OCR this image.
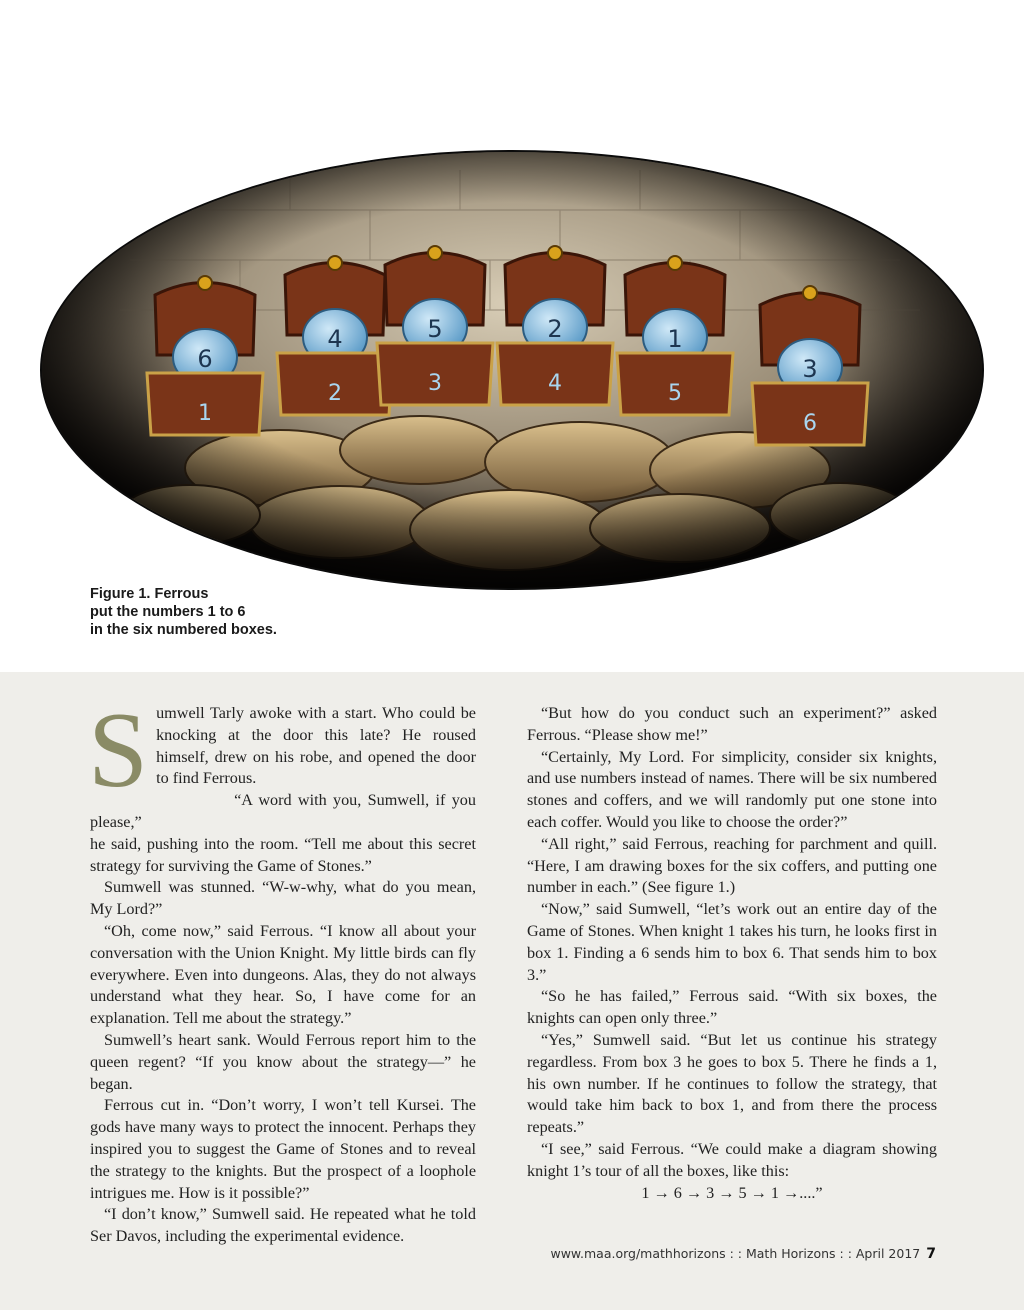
6
1
4
2
5
3
2
4
1
5
3
6
Figure 1. Ferrous
put the numbers 1 to 6
in the six numbered boxes.

Sumwell Tarly awoke with a start. Who could be knocking at the door this late? He roused himself, drew on his robe, and opened the door to find Ferrous.

“A word with you, Sumwell, if you please,”

he said, pushing into the room. “Tell me about this secret strategy for surviving the Game of Stones.”

Sumwell was stunned. “W-w-why, what do you mean, My Lord?”

“Oh, come now,” said Ferrous. “I know all about your conversation with the Union Knight. My little birds can fly everywhere. Even into dungeons. Alas, they do not always understand what they hear. So, I have come for an explanation. Tell me about the strategy.”

Sumwell’s heart sank. Would Ferrous report him to the queen regent? “If you know about the strategy—” he began.

Ferrous cut in. “Don’t worry, I won’t tell Kursei. The gods have many ways to protect the innocent. Perhaps they inspired you to suggest the Game of Stones and to reveal the strategy to the knights. But the prospect of a loophole intrigues me. How is it possible?”

“I don’t know,” Sumwell said. He repeated what he told Ser Davos, including the experimental evidence.

“But how do you conduct such an experiment?” asked Ferrous. “Please show me!”

“Certainly, My Lord. For simplicity, consider six knights, and use numbers instead of names. There will be six numbered stones and coffers, and we will randomly put one stone into each coffer. Would you like to choose the order?”

“All right,” said Ferrous, reaching for parchment and quill. “Here, I am drawing boxes for the six coffers, and putting one number in each.” (See figure 1.)

“Now,” said Sumwell, “let’s work out an entire day of the Game of Stones. When knight 1 takes his turn, he looks first in box 1. Finding a 6 sends him to box 6. That sends him to box 3.”

“So he has failed,” Ferrous said. “With six boxes, the knights can open only three.”

“Yes,” Sumwell said. “But let us continue his strategy regardless. From box 3 he goes to box 5. There he finds a 1, his own number. If he continues to follow the strategy, that would take him back to box 1, and from there the process repeats.”

“I see,” said Ferrous. “We could make a diagram showing knight 1’s tour of all the boxes, like this:

1 → 6 → 3 → 5 → 1 →....”

www.maa.org/mathhorizons : : Math Horizons : : April 2017 7
